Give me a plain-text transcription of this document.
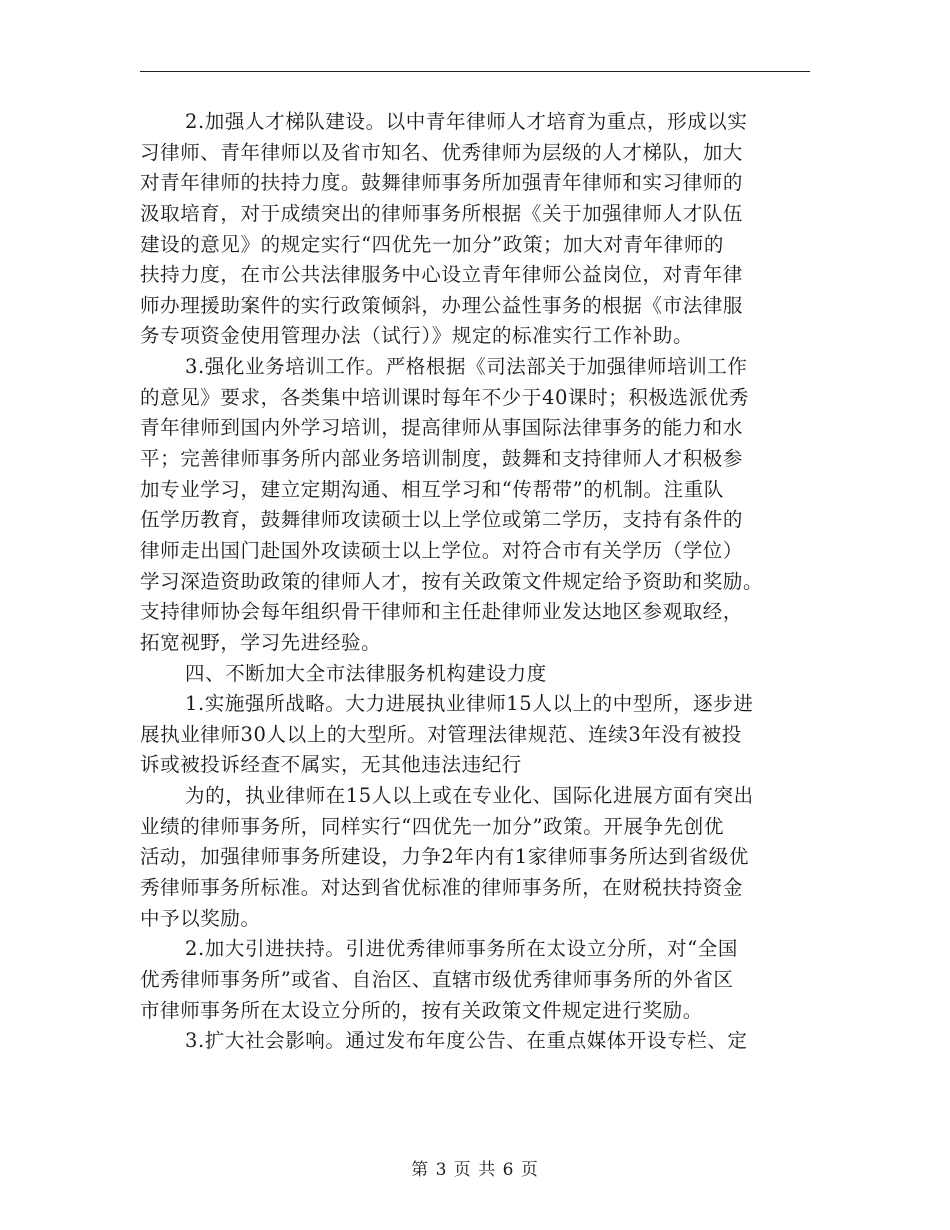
2.加强人才梯队建设。以中青年律师人才培育为重点，形成以实
习律师、青年律师以及省市知名、优秀律师为层级的人才梯队，加大
对青年律师的扶持力度。鼓舞律师事务所加强青年律师和实习律师的
汲取培育，对于成绩突出的律师事务所根据《关于加强律师人才队伍
建设的意见》的规定实行“四优先一加分”政策；加大对青年律师的
扶持力度，在市公共法律服务中心设立青年律师公益岗位，对青年律
师办理援助案件的实行政策倾斜，办理公益性事务的根据《市法律服
务专项资金使用管理办法（试行）》规定的标准实行工作补助。
3.强化业务培训工作。严格根据《司法部关于加强律师培训工作
的意见》要求，各类集中培训课时每年不少于40课时；积极选派优秀
青年律师到国内外学习培训，提高律师从事国际法律事务的能力和水
平；完善律师事务所内部业务培训制度，鼓舞和支持律师人才积极参
加专业学习，建立定期沟通、相互学习和“传帮带”的机制。注重队
伍学历教育，鼓舞律师攻读硕士以上学位或第二学历，支持有条件的
律师走出国门赴国外攻读硕士以上学位。对符合市有关学历（学位）
学习深造资助政策的律师人才，按有关政策文件规定给予资助和奖励。
支持律师协会每年组织骨干律师和主任赴律师业发达地区参观取经，
拓宽视野，学习先进经验。
四、不断加大全市法律服务机构建设力度
1.实施强所战略。大力进展执业律师15人以上的中型所，逐步进
展执业律师30人以上的大型所。对管理法律规范、连续3年没有被投
诉或被投诉经查不属实，无其他违法违纪行
为的，执业律师在15人以上或在专业化、国际化进展方面有突出
业绩的律师事务所，同样实行“四优先一加分”政策。开展争先创优
活动，加强律师事务所建设，力争2年内有1家律师事务所达到省级优
秀律师事务所标准。对达到省优标准的律师事务所，在财税扶持资金
中予以奖励。
2.加大引进扶持。引进优秀律师事务所在太设立分所，对“全国
优秀律师事务所”或省、自治区、直辖市级优秀律师事务所的外省区
市律师事务所在太设立分所的，按有关政策文件规定进行奖励。
3.扩大社会影响。通过发布年度公告、在重点媒体开设专栏、定
第 3 页 共 6 页
